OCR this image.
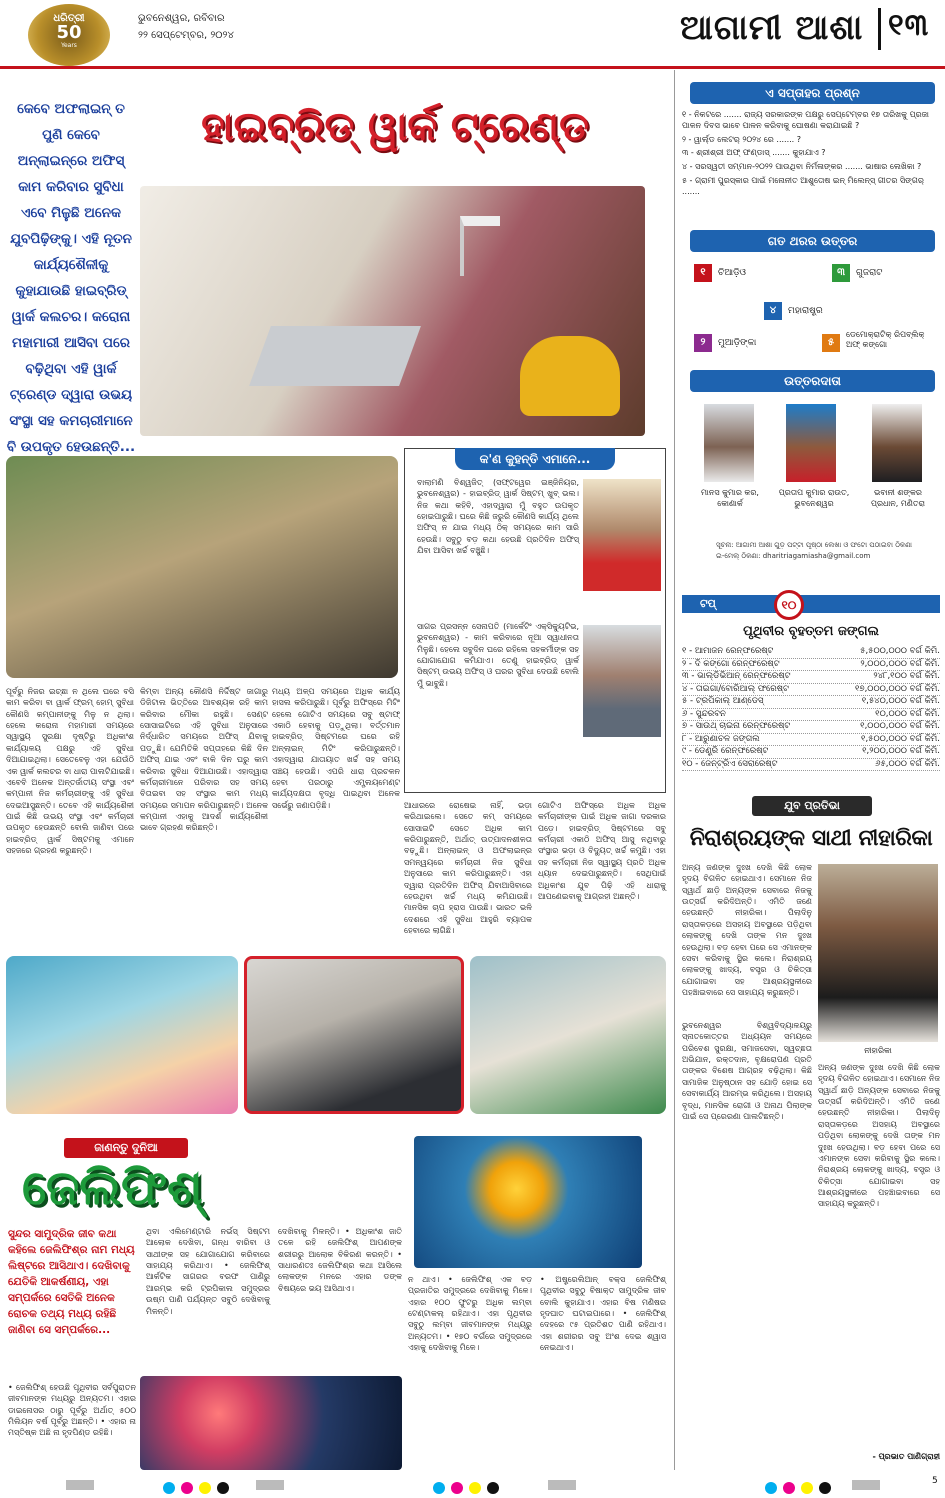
ଧରିତ୍ରୀ
50
Years
ଭୁବନେଶ୍ୱର, ରବିବାର
୨୨ ସେପ୍ଟେମ୍ବର, ୨୦୨୪	ଆଗାମୀ ଆଶା ୧୩
କେବେ ଅଫଲାଇନ୍ ତ ପୁଣି କେବେ ଅନ୍‌ଲାଇନ୍‌ରେ ଅଫିସ୍ କାମ କରିବାର ସୁବିଧା ଏବେ ମିଳୁଛି ଅନେକ ଯୁବପିଢ଼ିଙ୍କୁ। ଏହି ନୂତନ କାର୍ଯ୍ୟଶୈଳୀକୁ କୁହାଯାଉଛି ହାଇବ୍ରିଡ୍ ୱାର୍କ କଲଚର। କରୋନା ମହାମାରୀ ଆସିବା ପରେ ବଢ଼ିଥିବା ଏହି ୱାର୍କ ଟ୍ରେଣ୍ଡ ଦ୍ୱାରା ଉଭୟ ସଂସ୍ଥା ସହ କମଚାରୀମାନେ ବି ଉପକୃତ ହେଉଛନ୍ତି...
ହାଇବ୍ରିଡ୍ ୱାର୍କ ଟ୍ରେଣ୍ଡ
କ'ଣ କୁହନ୍ତି ଏମାନେ...
ବାଲାମଣି ବିଶ୍ୱଜିତ୍ (ସଫ୍ଟୱେର ଇଞ୍ଜିନିୟର, ଭୁବନେଶ୍ୱର) - ହାଇବ୍ରିଡ୍ ୱାର୍କ ସିଷ୍ଟମ୍ ଖୁବ୍ ଭଲ। ନିଜ କଥା କହିବି, ଏହାଦ୍ୱାରା ମୁଁ ବହୁତ ଉପକୃତ ହୋଇପାରୁଛି। ଘରେ କିଛି ଜରୁରି କୌଣସି କାର୍ଯ୍ୟ ଥିଲେ ଅଫିସ୍ ନ ଯାଇ ମଧ୍ୟ ଠିକ୍ ସମୟରେ କାମ ସାରି ହେଉଛି। ସବୁଠୁ ବଡ଼ କଥା ହେଉଛି ପ୍ରତିଦିନ ଅଫିସ୍ ଯିବା ଆସିବା ଖର୍ଚ୍ଚ ବଞ୍ଚୁଛି।
ସାଗର ପ୍ରସନ୍ନ ସେନାପତି (ମାର୍କେଟିଂ ଏକ୍ସିକ୍ୟୁଟିଭ, ଭୁବନେଶ୍ୱର) - କାମ କରିବାରେ ନୂଆ ସ୍ୱାଧୀନତା ମିଳୁଛି। ହେଲେ ସବୁଦିନ ଘରେ ରହିଲେ ସହକର୍ମୀଙ୍କ ସହ ଯୋଗାଯୋଗ କମିଯାଏ। ତେଣୁ ହାଇବ୍ରିଡ୍ ୱାର୍କ ସିଷ୍ଟମ୍ ଉଭୟ ଅଫିସ୍ ଓ ଘରର ସୁବିଧା ଦେଉଛି ବୋଲି ମୁଁ ଭାବୁଛି।
ପୂର୍ବରୁ ନିଜର ଇଚ୍ଛା ନ ଥିଲେ ଘରେ ବସି କାମ କରିବା ବା ୱାର୍କ ଫ୍ରମ୍ ହୋମ୍ ସୁବିଧା କୌଣସି କମ୍ପାନୀଙ୍କୁ ମିଳୁ ନ ଥିଲା। ହେଲେ କରୋନା ମହାମାରୀ ସମୟରେ ସ୍ୱାସ୍ଥ୍ୟ ସୁରକ୍ଷା ଦୃଷ୍ଟିରୁ ଅଧିକାଂଶ କାର୍ଯ୍ୟାଳୟ ପକ୍ଷରୁ ଏହି ସୁବିଧା ଦିଆଯାଇଥିଲା। ସେତେବେଳୁ ଏହା ଯେଉଁଠି ଏକ ୱାର୍କ କଲଚର ବା ଧାରା ପାଲଟିଯାଇଛି। ଏବେବି ଅନେକ ଅନ୍ତର୍ଜାତୀୟ ସଂସ୍ଥା ଏବଂ କମ୍ପାନୀ ନିଜ କର୍ମଚାରୀଙ୍କୁ ଏହି ସୁବିଧା ଦେଇଆସୁଛନ୍ତି। ତେବେ ଏହି କାର୍ଯ୍ୟଶୈଳୀ ପାଇଁ କିଛି ଉଭୟ ସଂସ୍ଥା ଏବଂ କର୍ମଚାରୀ ଉପକୃତ ହେଉଛନ୍ତି ବୋଲି ଜାଣିବା ପରେ ହାଇବ୍ରିଡ୍ ୱାର୍କ ସିଷ୍ଟମକୁ ଏମାନେ ସହଜରେ ଗ୍ରହଣ କରୁଛନ୍ତି।
କିମ୍ବା ଅନ୍ୟ କୌଣସି ନିର୍ଦ୍ଦିଷ୍ଟ ଜାଗାରୁ ଡିଜିଟାଲ ଭିତ୍ତିରେ ଆବଶ୍ୟକ ରହି କାମ କରିବାର ମୌକା ରହୁଛି। ସେଣ୍ଟ ସୋସାଇଟିରେ ଏହି ସୁବିଧା ଅନୁସାରେ ନିର୍ଦ୍ଧାରିତ ସମୟରେ ଅଫିସ୍ ଯିବାକୁ ପଡ଼ୁଛି। ଯେମିତିକି ସପ୍ତାହରେ କିଛି ଦିନ ଅଫିସ୍ ଯାଇ ଏବଂ ବାକି ଦିନ ଘରୁ କାମ କରିବାର ସୁବିଧା ଦିଆଯାଉଛି। ଏହାଦ୍ୱାରା କର୍ମଚାରୀମାନେ ପରିବାର ସହ ସମୟ ବିତାଇବା ସହ ସଂସ୍ଥାର କାମ ମଧ୍ୟ ସମୟରେ ସମାପନ କରିପାରୁଛନ୍ତି। ଅନେକ କମ୍ପାନୀ ଏହାକୁ ଆଦର୍ଶ କାର୍ଯ୍ୟଶୈଳୀ ଭାବେ ଗ୍ରହଣ କରିଛନ୍ତି।
ମଧ୍ୟ ଅଳ୍ପ ସମୟରେ ଅଧିକ କାର୍ଯ୍ୟ ହାସଲ କରିପାରୁଛି। ପୂର୍ବରୁ ଅଫିସ୍‌ରେ ମିଟିଂ ହେଲେ ଗୋଟିଏ ସମୟରେ ସବୁ ଷ୍ଟାଫ୍ ଏକାଠି ହେବାକୁ ପଡ଼ୁଥିଲା। ବର୍ତ୍ତମାନ ହାଇବ୍ରିଡ୍ ସିଷ୍ଟମରେ ଘରେ ରହି ଅନ୍‌ଲାଇନ୍ ମିଟିଂ କରିପାରୁଛନ୍ତି। ଏହାଦ୍ୱାରା ଯାତାୟାତ ଖର୍ଚ୍ଚ ସହ ସମୟ ସଞ୍ଚୟ ହେଉଛି। ଏପରି ଧାରା ପ୍ରଚଳନ ହେବା ପରଠାରୁ ଏମ୍ପ୍ଲୟମେଣ୍ଟ କାର୍ଯ୍ୟଦକ୍ଷତା ବୃଦ୍ଧି ପାଇଥିବା ଅନେକ ସର୍ଭେରୁ ଜଣାପଡ଼ିଛି।	ଆଧାରରେ ରୋଷେଇ ନାହିଁ, ଭଡ଼ା କରିଥାଇଲେ। ସେତେ କମ୍ ସମୟରେ ସୋସାଇଟି ସେତେ ଅଧିକ କାମ କରିପାରୁଛନ୍ତି, ଅର୍ଥାତ୍ ଉତ୍ପାଦନଶୀଳତା ବଢ଼ୁଛି। ଅନ୍‌ଲାଇନ୍ ଓ ଅଫଲାଇନ୍‌ର ସମନ୍ୱୟରେ କର୍ମଚାରୀ ନିଜ ସୁବିଧା ଅନୁସାରେ କାମ କରିପାରୁଛନ୍ତି। ଏହା ଦ୍ୱାରା ପ୍ରତିଦିନ ଅଫିସ୍ ଯିବାଆସିବାରେ ହେଉଥିବା ଖର୍ଚ୍ଚ ମଧ୍ୟ କମିଯାଉଛି। ମାନସିକ ଚାପ ହ୍ରାସ ପାଉଛି। ଭାରତ ଭଳି ଦେଶରେ ଏହି ସୁବିଧା ଆହୁରି ବ୍ୟାପକ ହେବାରେ ଲାଗିଛି।
ଗୋଟିଏ ଅଫିସ୍‌ରେ ଅଧିକ ଅଧିକ କର୍ମଚାରୀଙ୍କ ପାଇଁ ଅଧିକ ଜାଗା ଦରକାର ପଡ଼େ। ହାଇବ୍ରିଡ୍ ସିଷ୍ଟମରେ ସବୁ କର୍ମଚାରୀ ଏକାଠି ଅଫିସ୍ ଆସୁ ନଥିବାରୁ ସଂସ୍ଥାର ଭଡ଼ା ଓ ବିଦ୍ୟୁତ୍ ଖର୍ଚ୍ଚ କମୁଛି। ଏହା ସହ କର୍ମଚାରୀ ନିଜ ସ୍ୱାସ୍ଥ୍ୟ ପ୍ରତି ଅଧିକ ଧ୍ୟାନ ଦେଇପାରୁଛନ୍ତି। ସେଥିପାଇଁ ଅଧିକାଂଶ ଯୁବ ପିଢ଼ି ଏହି ଧାରାକୁ ଆପଣେଇବାକୁ ଆଗ୍ରହୀ ଅଛନ୍ତି।
ଏ ସପ୍ତାହର ପ୍ରଶ୍ନ
୧ - ନିକଟରେ ....... ରାଜ୍ୟ ସରକାରଙ୍କ ପକ୍ଷରୁ ସେପ୍ଟେମ୍ବର ୧୭ ତାରିଖକୁ ପ୍ରଜା ପାଳନ ଦିବସ ଭାବେ ପାଳନ କରିବାକୁ ଘୋଷଣା କରାଯାଇଛି ?
୨ - ୱାର୍ଲ୍ଡ ଲେଟର୍ ୨୦୨୪ ରେ ....... ?
୩ - ଶ୍ରୀଶ୍ରୀ ଅଫ୍ ଫଣ୍ଡାସ୍ ....... କୁହାଯାଏ ?
୪ - ସରସ୍ୱତୀ ସମ୍ମାନ-୨୦୨୨ ପାଉଥିବା ନିର୍ମଳାଙ୍କର ....... ଭାଷାର ଲେଖିକା ?
୫ - ଗ୍ରାମୀ ପୁରସ୍କାର ପାଇଁ ମନୋନୀତ ଆଶୁତୋଷ ଇନ୍ ମିଲେନ୍ସ୍ ଗୀତର ସିଙ୍ଗର୍ .......
ଗତ ଥରର ଉତ୍ତର
୧	ଚିଆଡ଼ିଓ	୩	ଗୁଜରାଟ
୪	ମହାରାଷ୍ଟ୍ର
୨	ମୁଆଡ଼ିଙ୍କା	୫
ଡେମୋକ୍ରାଟିକ୍ ରିପବ୍ଲିକ୍ ଅଫ୍ କଙ୍ଗୋ
ଉତ୍ତରଦାତା
ମାନସ କୁମାର କର, କୋଣାର୍କ
ପ୍ରତାପ କୁମାର ରାଉତ, ଭୁବନେଶ୍ୱର
ଭବାନୀ ଶଙ୍କର ପ୍ରଧାନ, ମଣିତରା
ସୂଚନା: ଆଗାମୀ ଆଶା ଗୁଡ଼ ପଟ୍ଟା ପୃଷ୍ଠା ଲେଖା ଓ ଫଟୋ ପଠାଇବା ଠିକଣା
ଇ-ମେଲ୍ ଠିକଣା: dharitriagamiasha@gmail.com
ଟପ୍	୧୦
ପୃଥିବୀର ବୃହତ୍ତମ ଜଙ୍ଗଲ
୧ - ଆମାଜନ ରେନ୍‌ଫରେଷ୍ଟ	୫,୫୦୦,୦୦୦ ବର୍ଗ କିମି.
୨ - ଦି କଙ୍ଗୋ ରେନ୍‌ଫରେଷ୍ଟ	୨,୦୦୦,୦୦୦ ବର୍ଗ କିମି.
୩ - ଭାଲ୍‌ଡିଭିଆନ୍ ରେନ୍‌ଫରେଷ୍ଟ	୨୪୮,୧୦୦ ବର୍ଗ କିମି.
୪ - ତାଇଗା/ବୋରିଆଲ୍ ଫରେଷ୍ଟ	୧୭,୦୦୦,୦୦୦ ବର୍ଗ କିମି.
୫ - ଟ୍ରପିକାଲ୍ ଆଣ୍ଡେସ୍	୧,୫୪୦,୦୦୦ ବର୍ଗ କିମି.
୬ - ସୁନ୍ଦରବନ	୧୦,୦୦୦ ବର୍ଗ କିମି.
୭ - ସାଉଥ୍ ଚାଇନା ରେନ୍‌ଫରେଷ୍ଟ	୧,୦୦୦,୦୦୦ ବର୍ଗ କିମି.
୮ - ଆରୁଣାଚଳ ଜଙ୍ଗଲ	୧,୫୦୦,୦୦୦ ବର୍ଗ କିମି.
୯ - ଡେଣ୍ଟ୍ରି ରେନ୍‌ଫରେଷ୍ଟ	୧,୨୦୦,୦୦୦ ବର୍ଗ କିମି.
୧୦ - ଜେନ୍‌ଟ୍ରିଏ ସେରାରେଷ୍ଟ	୬୫,୦୦୦ ବର୍ଗ କିମି.
ଯୁବ ପ୍ରତିଭା
ନିରାଶ୍ରୟଙ୍କ ସାଥୀ ନୀହାରିକା
ଅନ୍ୟ ଜଣଙ୍କ ଦୁଃଖ ଦେଖି କିଛି ଲୋକ ହୃଦୟ ବିଗଳିତ ହୋଇଥାଏ। ସେମାନେ ନିଜ ସ୍ୱାର୍ଥ ଛାଡ଼ି ଅନ୍ୟଙ୍କ ସେବାରେ ନିଜକୁ ଉତ୍ସର୍ଗ କରିଦିଅନ୍ତି। ଏମିତି ଜଣେ ହେଉଛନ୍ତି ନୀହାରିକା। ପିଲାଦିନୁ ରାସ୍ତାକଡ଼ରେ ଅସହାୟ ଅବସ୍ଥାରେ ପଡ଼ିଥିବା ଲୋକଙ୍କୁ ଦେଖି ତାଙ୍କ ମନ ଦୁଃଖ ହେଉଥିଲା। ବଡ଼ ହେବା ପରେ ସେ ଏମାନଙ୍କ ସେବା କରିବାକୁ ସ୍ଥିର କଲେ। ନିରାଶ୍ରୟ ଲୋକଙ୍କୁ ଖାଦ୍ୟ, ବସ୍ତ୍ର ଓ ଚିକିତ୍ସା ଯୋଗାଇବା ସହ ଆଶ୍ରୟସ୍ଥଳୀରେ ପହଞ୍ଚାଇବାରେ ସେ ସାହାଯ୍ୟ କରୁଛନ୍ତି।
ନୀହାରିକା
ଭୁବନେଶ୍ୱର ବିଶ୍ୱବିଦ୍ୟାଳୟରୁ ସ୍ନାତକୋତ୍ତର ଅଧ୍ୟୟନ ସମୟରେ ପରିବେଶ ସୁରକ୍ଷା, ସମାଜସେବା, ସ୍ୱଚ୍ଛତା ଅଭିଯାନ, ରକ୍ତଦାନ, ବୃକ୍ଷରୋପଣ ପ୍ରତି ତାଙ୍କର ବିଶେଷ ଆଗ୍ରହ ବଢ଼ିଥିଲା। କିଛି ସାମାଜିକ ଅନୁଷ୍ଠାନ ସହ ଯୋଡ଼ି ହୋଇ ସେ ସେବାକାର୍ଯ୍ୟ ଆରମ୍ଭ କରିଥିଲେ। ଅସହାୟ ବୃଦ୍ଧ, ମାନସିକ ରୋଗୀ ଓ ଅନାଥ ପିଲାଙ୍କ ପାଇଁ ସେ ପ୍ରେରଣା ପାଲଟିଛନ୍ତି।
ଅନ୍ୟ ଜଣଙ୍କ ଦୁଃଖ ଦେଖି କିଛି ଲୋକ ହୃଦୟ ବିଗଳିତ ହୋଇଥାଏ। ସେମାନେ ନିଜ ସ୍ୱାର୍ଥ ଛାଡ଼ି ଅନ୍ୟଙ୍କ ସେବାରେ ନିଜକୁ ଉତ୍ସର୍ଗ କରିଦିଅନ୍ତି। ଏମିତି ଜଣେ ହେଉଛନ୍ତି ନୀହାରିକା। ପିଲାଦିନୁ ରାସ୍ତାକଡ଼ରେ ଅସହାୟ ଅବସ୍ଥାରେ ପଡ଼ିଥିବା ଲୋକଙ୍କୁ ଦେଖି ତାଙ୍କ ମନ ଦୁଃଖ ହେଉଥିଲା। ବଡ଼ ହେବା ପରେ ସେ ଏମାନଙ୍କ ସେବା କରିବାକୁ ସ୍ଥିର କଲେ। ନିରାଶ୍ରୟ ଲୋକଙ୍କୁ ଖାଦ୍ୟ, ବସ୍ତ୍ର ଓ ଚିକିତ୍ସା ଯୋଗାଇବା ସହ ଆଶ୍ରୟସ୍ଥଳୀରେ ପହଞ୍ଚାଇବାରେ ସେ ସାହାଯ୍ୟ କରୁଛନ୍ତି।
- ପ୍ରଭାତ ପାଣିଗ୍ରାହୀ
ଜାଣନ୍ତୁ ଦୁନିଆ
ଜେଲିଫିଶ୍
ସୁନ୍ଦର ସାମୁଦ୍ରିକ ଜୀବ କଥା କହିଲେ ଜେଲିଫିଶ୍‌ର ନାମ ମଧ୍ୟ ଲିଷ୍ଟରେ ଆସିଥାଏ। ଦେଖିବାକୁ ଯେତିକି ଆକର୍ଷଣୀୟ, ଏହା ସମ୍ପର୍କରେ ସେତିକି ଅନେକ ରୋଚକ ତଥ୍ୟ ମଧ୍ୟ ରହିଛି ଜାଣିବା ସେ ସମ୍ପର୍କରେ...
ଥିବା ଏଲିମେଣ୍ଟାରି ନର୍ଭସ୍ ସିଷ୍ଟମ ଆଲୋକ ଦେଖିବା, ଗନ୍ଧ ବାରିବା ଓ ସାଥୀଙ୍କ ସହ ଯୋଗାଯୋଗ କରିବାରେ ସାହାଯ୍ୟ କରିଥାଏ। • ଜେଲିଫିଶ୍ ଆର୍କଟିକ ସାଗରର ବରଫ ପାଣିରୁ ଆରମ୍ଭ କରି ଟ୍ରପିକାଲ ସମୁଦ୍ରର ଉଷ୍ମ ପାଣି ପର୍ଯ୍ୟନ୍ତ ସବୁଠି ଦେଖିବାକୁ ମିଳନ୍ତି।
ଦେଖିବାକୁ ମିଳନ୍ତି। • ଅଧିକାଂଶ ଜାତି ତଳେ ରହି ଜେଲିଫିଶ୍ ଆପଣଙ୍କ ଶରୀରରୁ ଆଲୋକ ବିକିରଣ କରନ୍ତି। • ସାଧାରଣତଃ ଜେଲିଫିଶ୍‌ର କଥା ଆସିଲେ ଲୋକଙ୍କ ମନରେ ଏହାର ଡଙ୍କ ବିଷୟରେ ଭୟ ଆସିଥାଏ।
• ଜେଲିଫିଶ୍ ହେଉଛି ପୃଥିବୀର ସର୍ବପୁରାତନ ଜୀବମାନଙ୍କ ମଧ୍ୟରୁ ଅନ୍ୟତମ। ଏହାର ଡାଇନୋସର ଠାରୁ ପୂର୍ବରୁ ଅର୍ଥାତ୍ ୫୦୦ ମିଲିୟନ ବର୍ଷ ପୂର୍ବରୁ ଅଛନ୍ତି। • ଏହାର ନା ମସ୍ତିଷ୍କ ଅଛି ନା ହୃଦପିଣ୍ଡ ରହିଛି।
ନ ଥାଏ। • ଜେଲିଫିଶ୍ ଏକ ବଡ଼ ପ୍ରଜାତିର ସମୁଦ୍ରରେ ଦେଖିବାକୁ ମିଳେ। ଏହାର ୧୦୦ ଫୁଟରୁ ଅଧିକ ଲମ୍ବା ଟେଣ୍ଟାକଲ୍ ରହିଥାଏ। ଏହା ପୃଥିବୀର ସବୁଠୁ ଲମ୍ବା ଜୀବମାନଙ୍କ ମଧ୍ୟରୁ ଅନ୍ୟତମ। • ୧୭୦ ବର୍ଗରେ ସମୁଦ୍ରରେ ଏହାକୁ ଦେଖିବାକୁ ମିଳେ।
• ଅଷ୍ଟ୍ରେଲିଆନ୍ ବକ୍ସ ଜେଲିଫିଶ୍ ପୃଥିବୀର ସବୁଠୁ ବିଷାକ୍ତ ସାମୁଦ୍ରିକ ଜୀବ ବୋଲି କୁହାଯାଏ। ଏହାର ବିଷ ମଣିଷର ହୃଦଘାତ ଘଟାଇପାରେ। • ଜେଲିଫିଶ୍ ଦେହରେ ୯୫ ପ୍ରତିଶତ ପାଣି ରହିଥାଏ। ଏହା ଶରୀରର ସବୁ ଅଂଶ ଦେଇ ଶ୍ୱାସ ନେଇଥାଏ।
5
